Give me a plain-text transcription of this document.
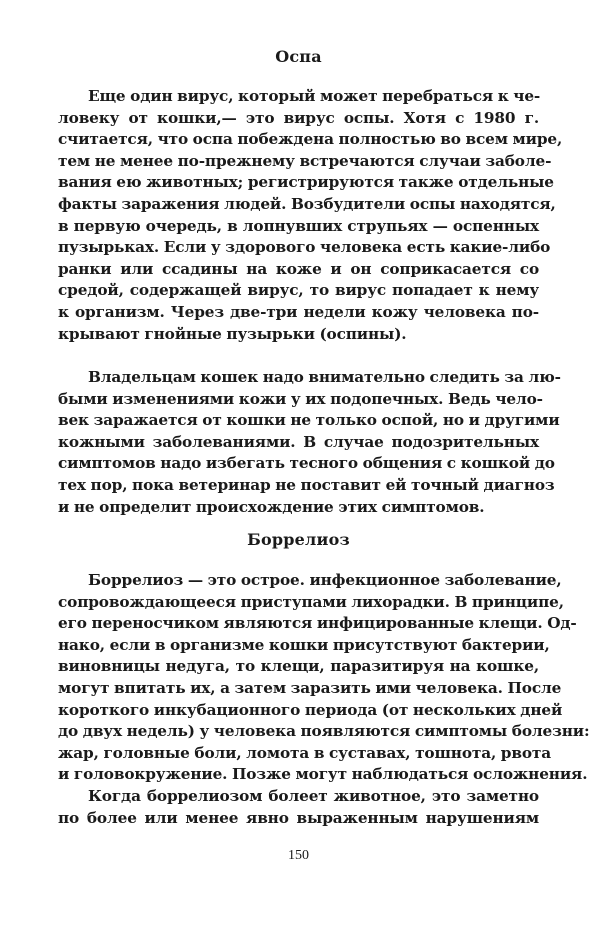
Оспа
Еще один вирус, который может перебраться к че-
ловеку от кошки,— это вирус оспы. Хотя с 1980 г.
считается, что оспа побеждена полностью во всем мире,
тем не менее по-прежнему встречаются случаи заболе-
вания ею животных; регистрируются также отдельные
факты заражения людей. Возбудители оспы находятся,
в первую очередь, в лопнувших струпьях — оспенных
пузырьках. Если у здорового человека есть какие-либо
ранки или ссадины на коже и он соприкасается со
средой, содержащей вирус, то вирус попадает к нему
к организм. Через две-три недели кожу человека по-
крывают гнойные пузырьки (оспины).
Владельцам кошек надо внимательно следить за лю-
быми изменениями кожи у их подопечных. Ведь чело-
век заражается от кошки не только оспой, но и другими
кожными заболеваниями. В случае подозрительных
симптомов надо избегать тесного общения с кошкой до
тех пор, пока ветеринар не поставит ей точный диагноз
и не определит происхождение этих симптомов.
Боррелиоз
Боррелиоз — это острое. инфекционное заболевание,
сопровождающееся приступами лихорадки. В принципе,
его переносчиком являются инфицированные клещи. Од-
нако, если в организме кошки присутствуют бактерии,
виновницы недуга, то клещи, паразитируя на кошке,
могут впитать их, а затем заразить ими человека. После
короткого инкубационного периода (от нескольких дней
до двух недель) у человека появляются симптомы болезни:
жар, головные боли, ломота в суставах, тошнота, рвота
и головокружение. Позже могут наблюдаться осложнения.
Когда боррелиозом болеет животное, это заметно
по более или менее явно выраженным нарушениям
150
